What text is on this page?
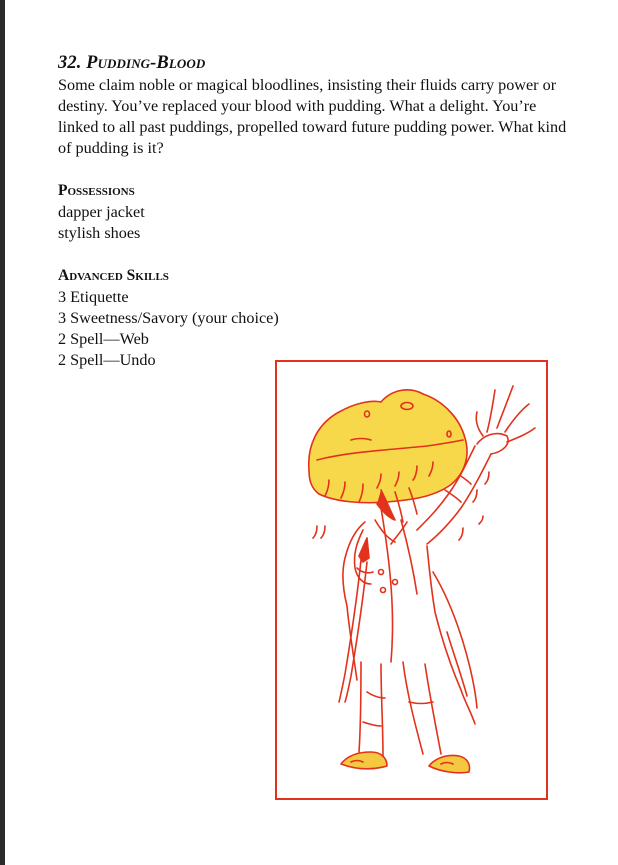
32. Pudding-Blood

Some claim noble or magical bloodlines, insisting their fluids carry power or destiny. You’ve replaced your blood with pudding. What a delight. You’re linked to all past puddings, propelled toward future pudding power. What kind of pudding is it?

Possessions
dapper jacket
stylish shoes
Advanced Skills
3 Etiquette
3 Sweetness/Savory (your choice)
2 Spell—Web
2 Spell—Undo
